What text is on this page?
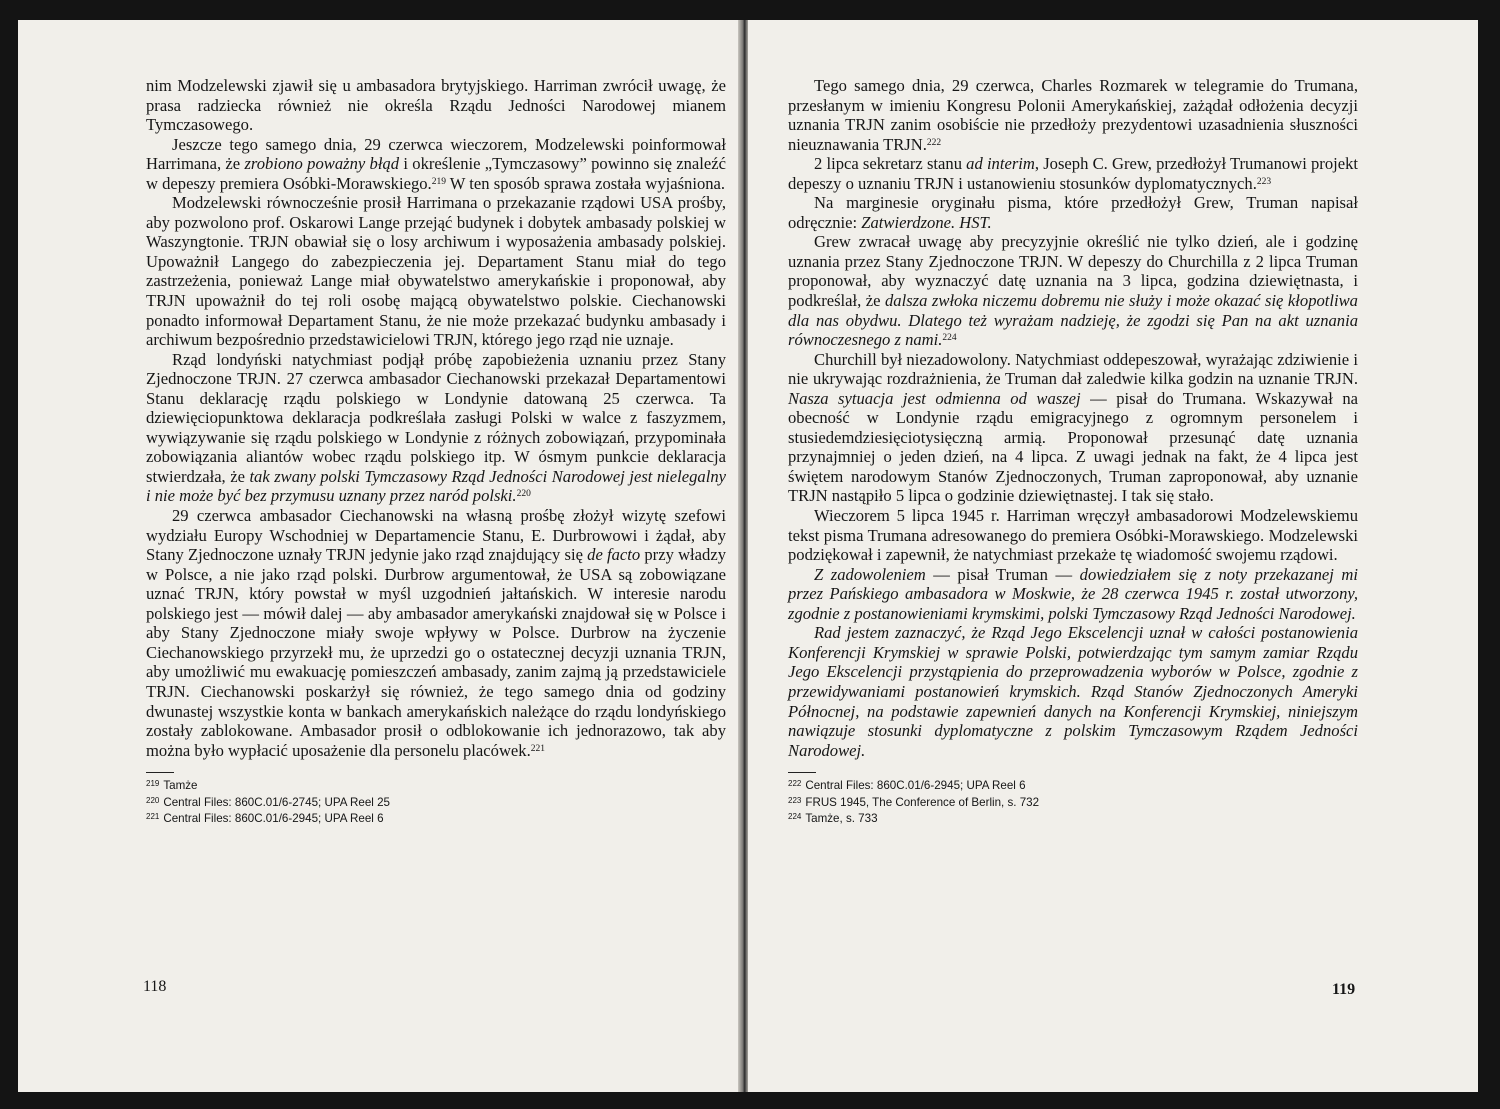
nim Modzelewski zjawił się u ambasadora brytyjskiego. Harriman zwrócił uwagę, że prasa radziecka również nie określa Rządu Jedności Narodowej mianem Tymczasowego.

Jeszcze tego samego dnia, 29 czerwca wieczorem, Modzelewski poinformował Harrimana, że zrobiono poważny błąd i określenie „Tymczasowy” powinno się znaleźć w depeszy premiera Osóbki-Morawskiego.$^{219}$ W ten sposób sprawa została wyjaśniona.

Modzelewski równocześnie prosił Harrimana o przekazanie rządowi USA prośby, aby pozwolono prof. Oskarowi Lange przejąć budynek i dobytek ambasady polskiej w Waszyngtonie. TRJN obawiał się o losy archiwum i wyposażenia ambasady polskiej. Upoważnił Langego do zabezpieczenia jej. Departament Stanu miał do tego zastrzeżenia, ponieważ Lange miał obywatelstwo amerykańskie i proponował, aby TRJN upoważnił do tej roli osobę mającą obywatelstwo polskie. Ciechanowski ponadto informował Departament Stanu, że nie może przekazać budynku ambasady i archiwum bezpośrednio przedstawicielowi TRJN, którego jego rząd nie uznaje.

Rząd londyński natychmiast podjął próbę zapobieżenia uznaniu przez Stany Zjednoczone TRJN. 27 czerwca ambasador Ciechanowski przekazał Departamentowi Stanu deklarację rządu polskiego w Londynie datowaną 25 czerwca. Ta dziewięciopunktowa deklaracja podkreślała zasługi Polski w walce z faszyzmem, wywiązywanie się rządu polskiego w Londynie z różnych zobowiązań, przypominała zobowiązania aliantów wobec rządu polskiego itp. W ósmym punkcie deklaracja stwierdzała, że tak zwany polski Tymczasowy Rząd Jedności Narodowej jest nielegalny i nie może być bez przymusu uznany przez naród polski.$^{220}$

29 czerwca ambasador Ciechanowski na własną prośbę złożył wizytę szefowi wydziału Europy Wschodniej w Departamencie Stanu, E. Durbrowowi i żądał, aby Stany Zjednoczone uznały TRJN jedynie jako rząd znajdujący się de facto przy władzy w Polsce, a nie jako rząd polski. Durbrow argumentował, że USA są zobowiązane uznać TRJN, który powstał w myśl uzgodnień jałtańskich. W interesie narodu polskiego jest — mówił dalej — aby ambasador amerykański znajdował się w Polsce i aby Stany Zjednoczone miały swoje wpływy w Polsce. Durbrow na życzenie Ciechanowskiego przyrzekł mu, że uprzedzi go o ostatecznej decyzji uznania TRJN, aby umożliwić mu ewakuację pomieszczeń ambasady, zanim zajmą ją przedstawiciele TRJN. Ciechanowski poskarżył się również, że tego samego dnia od godziny dwunastej wszystkie konta w bankach amerykańskich należące do rządu londyńskiego zostały zablokowane. Ambasador prosił o odblokowanie ich jednorazowo, tak aby można było wypłacić uposażenie dla personelu placówek.$^{221}$

$^{219}$ Tamże
$^{220}$ Central Files: 860C.01/6-2745; UPA Reel 25
$^{221}$ Central Files: 860C.01/6-2945; UPA Reel 6
118

Tego samego dnia, 29 czerwca, Charles Rozmarek w telegramie do Trumana, przesłanym w imieniu Kongresu Polonii Amerykańskiej, zażądał odłożenia decyzji uznania TRJN zanim osobiście nie przedłoży prezydentowi uzasadnienia słuszności nieuznawania TRJN.$^{222}$

2 lipca sekretarz stanu ad interim, Joseph C. Grew, przedłożył Trumanowi projekt depeszy o uznaniu TRJN i ustanowieniu stosunków dyplomatycznych.$^{223}$

Na marginesie oryginału pisma, które przedłożył Grew, Truman napisał odręcznie: Zatwierdzone. HST.

Grew zwracał uwagę aby precyzyjnie określić nie tylko dzień, ale i godzinę uznania przez Stany Zjednoczone TRJN. W depeszy do Churchilla z 2 lipca Truman proponował, aby wyznaczyć datę uznania na 3 lipca, godzina dziewiętnasta, i podkreślał, że dalsza zwłoka niczemu dobremu nie służy i może okazać się kłopotliwa dla nas obydwu. Dlatego też wyrażam nadzieję, że zgodzi się Pan na akt uznania równoczesnego z nami.$^{224}$

Churchill był niezadowolony. Natychmiast oddepeszował, wyrażając zdziwienie i nie ukrywając rozdrażnienia, że Truman dał zaledwie kilka godzin na uznanie TRJN. Nasza sytuacja jest odmienna od waszej — pisał do Trumana. Wskazywał na obecność w Londynie rządu emigracyjnego z ogromnym personelem i stusiedemdziesięciotysięczną armią. Proponował przesunąć datę uznania przynajmniej o jeden dzień, na 4 lipca. Z uwagi jednak na fakt, że 4 lipca jest świętem narodowym Stanów Zjednoczonych, Truman zaproponował, aby uznanie TRJN nastąpiło 5 lipca o godzinie dziewiętnastej. I tak się stało.

Wieczorem 5 lipca 1945 r. Harriman wręczył ambasadorowi Modzelewskiemu tekst pisma Trumana adresowanego do premiera Osóbki-Morawskiego. Modzelewski podziękował i zapewnił, że natychmiast przekaże tę wiadomość swojemu rządowi.

Z zadowoleniem — pisał Truman — dowiedziałem się z noty przekazanej mi przez Pańskiego ambasadora w Moskwie, że 28 czerwca 1945 r. został utworzony, zgodnie z postanowieniami krymskimi, polski Tymczasowy Rząd Jedności Narodowej.

Rad jestem zaznaczyć, że Rząd Jego Ekscelencji uznał w całości postanowienia Konferencji Krymskiej w sprawie Polski, potwierdzając tym samym zamiar Rządu Jego Ekscelencji przystąpienia do przeprowadzenia wyborów w Polsce, zgodnie z przewidywaniami postanowień krymskich. Rząd Stanów Zjednoczonych Ameryki Północnej, na podstawie zapewnień danych na Konferencji Krymskiej, niniejszym nawiązuje stosunki dyplomatyczne z polskim Tymczasowym Rządem Jedności Narodowej.

$^{222}$ Central Files: 860C.01/6-2945; UPA Reel 6
$^{223}$ FRUS 1945, The Conference of Berlin, s. 732
$^{224}$ Tamże, s. 733
119
